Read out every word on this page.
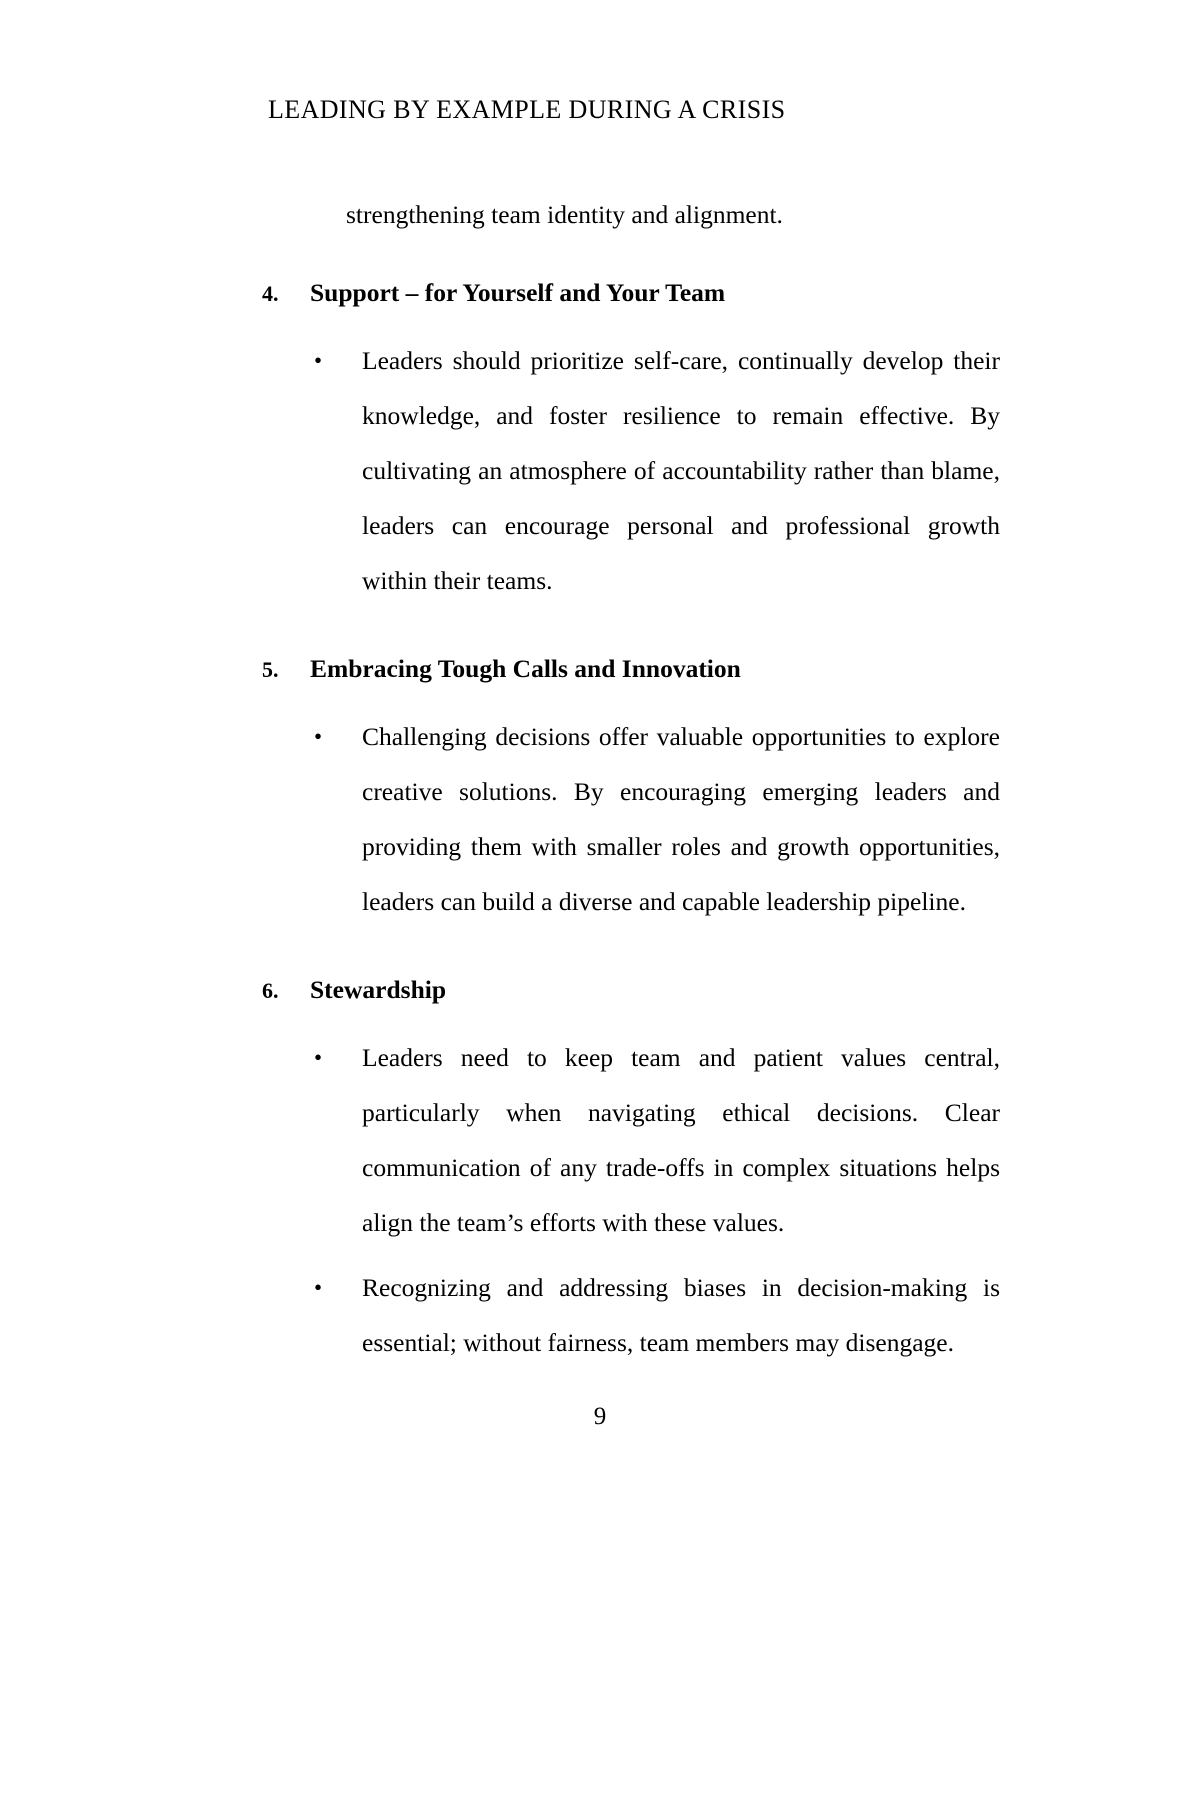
LEADING BY EXAMPLE DURING A CRISIS

strengthening team identity and alignment.

4.	Support – for Yourself and Your Team
•	Leaders should prioritize self-care, continually develop their knowledge, and foster resilience to remain effective. By cultivating an atmosphere of accountability rather than blame, leaders can encourage personal and professional growth within their teams.
5.	Embracing Tough Calls and Innovation
•	Challenging decisions offer valuable opportunities to explore creative solutions. By encouraging emerging leaders and providing them with smaller roles and growth opportunities, leaders can build a diverse and capable leadership pipeline.
6.	Stewardship
•	Leaders need to keep team and patient values central, particularly when navigating ethical decisions. Clear communication of any trade-offs in complex situations helps align the team’s efforts with these values.
•	Recognizing and addressing biases in decision-making is essential; without fairness, team members may disengage.
9
